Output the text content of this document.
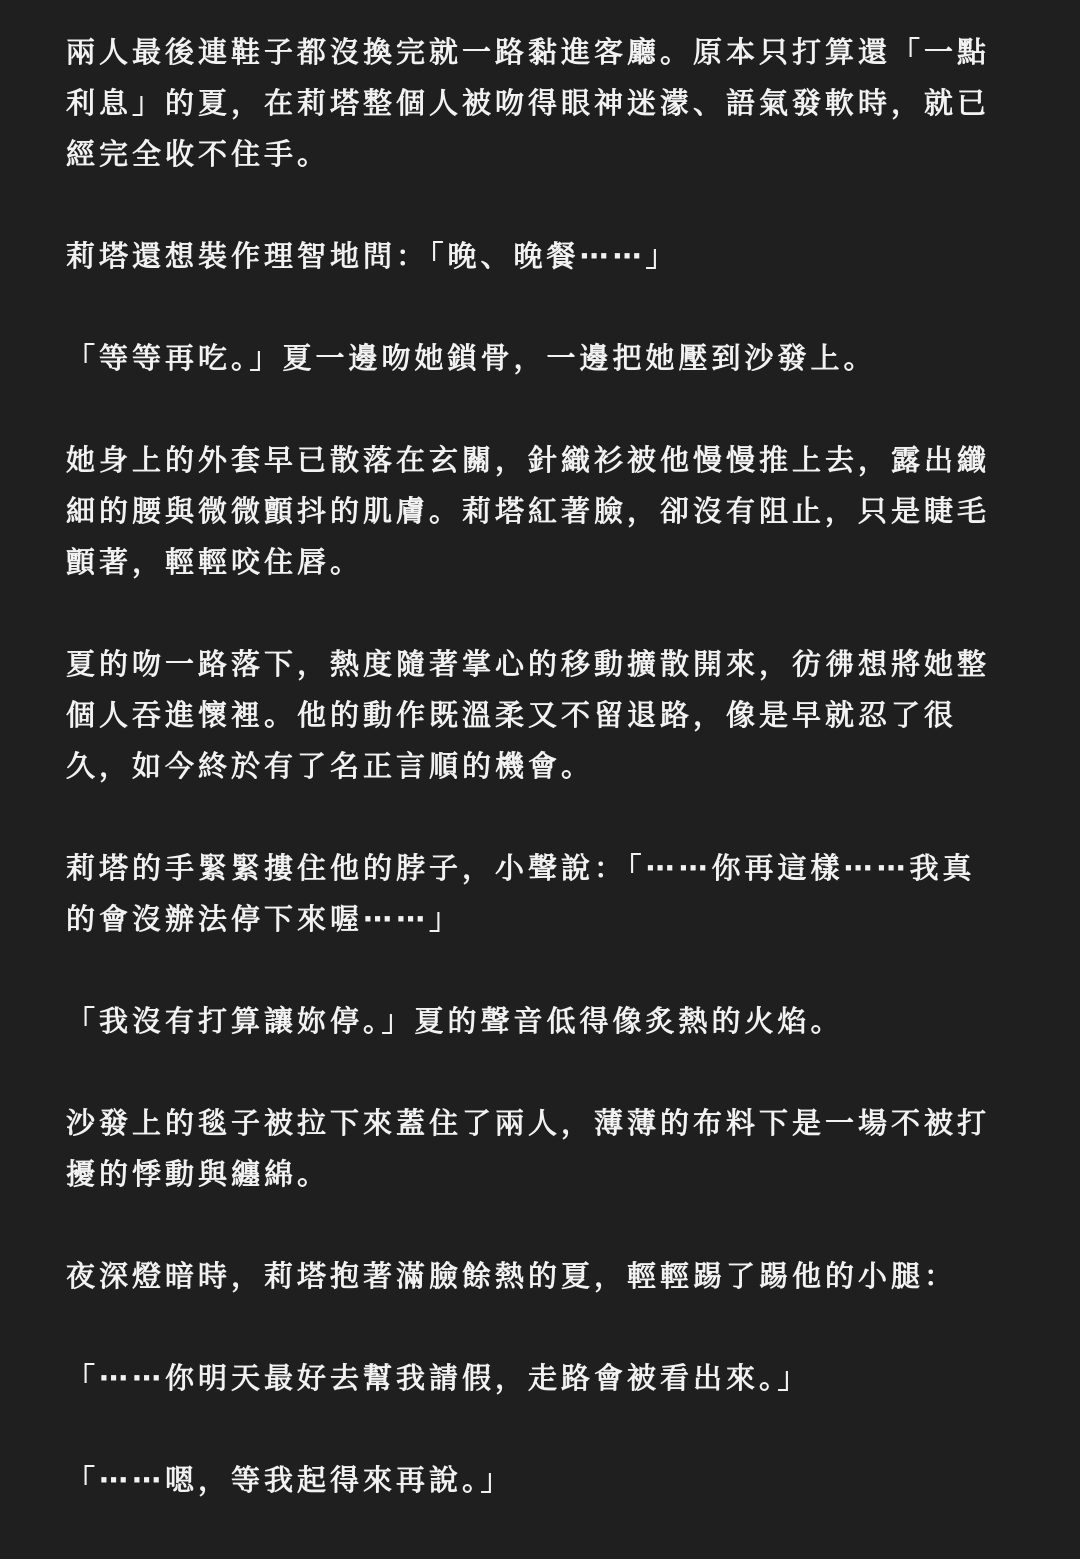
兩人最後連鞋子都沒換完就一路黏進客廳。原本只打算還「一點
利息」的夏，在莉塔整個人被吻得眼神迷濛、語氣發軟時，就已
經完全收不住手。

莉塔還想裝作理智地問：「晚、晚餐⋯⋯」

「等等再吃。」夏一邊吻她鎖骨，一邊把她壓到沙發上。

她身上的外套早已散落在玄關，針織衫被他慢慢推上去，露出纖
細的腰與微微顫抖的肌膚。莉塔紅著臉，卻沒有阻止，只是睫毛
顫著，輕輕咬住唇。

夏的吻一路落下，熱度隨著掌心的移動擴散開來，彷彿想將她整
個人吞進懷裡。他的動作既溫柔又不留退路，像是早就忍了很
久，如今終於有了名正言順的機會。

莉塔的手緊緊摟住他的脖子，小聲說：「⋯⋯你再這樣⋯⋯我真
的會沒辦法停下來喔⋯⋯」

「我沒有打算讓妳停。」夏的聲音低得像炙熱的火焰。

沙發上的毯子被拉下來蓋住了兩人，薄薄的布料下是一場不被打
擾的悸動與纏綿。

夜深燈暗時，莉塔抱著滿臉餘熱的夏，輕輕踢了踢他的小腿：

「⋯⋯你明天最好去幫我請假，走路會被看出來。」

「⋯⋯嗯，等我起得來再說。」
